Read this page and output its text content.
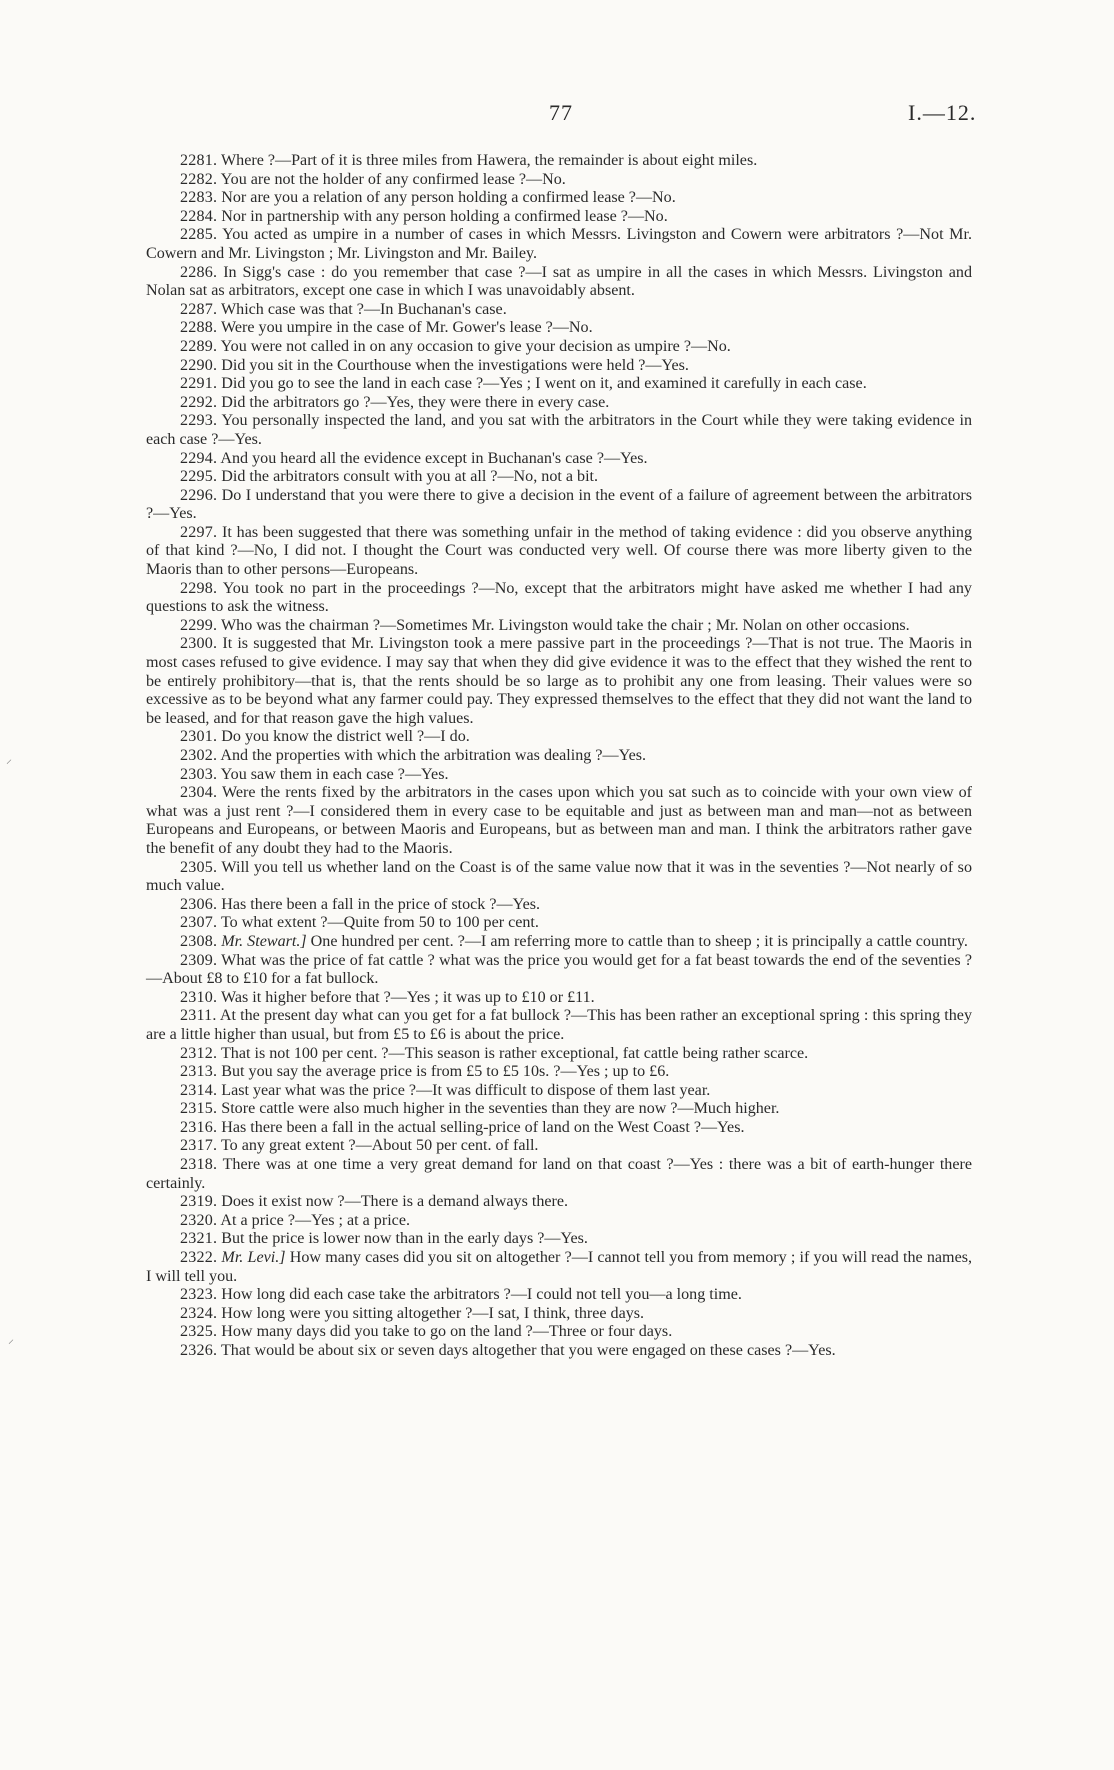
77	I.—12.

2281. Where ?—Part of it is three miles from Hawera, the remainder is about eight miles.

2282. You are not the holder of any confirmed lease ?—No.

2283. Nor are you a relation of any person holding a confirmed lease ?—No.

2284. Nor in partnership with any person holding a confirmed lease ?—No.

2285. You acted as umpire in a number of cases in which Messrs. Livingston and Cowern were arbitrators ?—Not Mr. Cowern and Mr. Livingston ; Mr. Livingston and Mr. Bailey.

2286. In Sigg's case : do you remember that case ?—I sat as umpire in all the cases in which Messrs. Livingston and Nolan sat as arbitrators, except one case in which I was unavoidably absent.

2287. Which case was that ?—In Buchanan's case.

2288. Were you umpire in the case of Mr. Gower's lease ?—No.

2289. You were not called in on any occasion to give your decision as umpire ?—No.

2290. Did you sit in the Courthouse when the investigations were held ?—Yes.

2291. Did you go to see the land in each case ?—Yes ; I went on it, and examined it carefully in each case.

2292. Did the arbitrators go ?—Yes, they were there in every case.

2293. You personally inspected the land, and you sat with the arbitrators in the Court while they were taking evidence in each case ?—Yes.

2294. And you heard all the evidence except in Buchanan's case ?—Yes.

2295. Did the arbitrators consult with you at all ?—No, not a bit.

2296. Do I understand that you were there to give a decision in the event of a failure of agreement between the arbitrators ?—Yes.

2297. It has been suggested that there was something unfair in the method of taking evidence : did you observe anything of that kind ?—No, I did not. I thought the Court was conducted very well. Of course there was more liberty given to the Maoris than to other persons—Europeans.

2298. You took no part in the proceedings ?—No, except that the arbitrators might have asked me whether I had any questions to ask the witness.

2299. Who was the chairman ?—Sometimes Mr. Livingston would take the chair ; Mr. Nolan on other occasions.

2300. It is suggested that Mr. Livingston took a mere passive part in the proceedings ?—That is not true. The Maoris in most cases refused to give evidence. I may say that when they did give evidence it was to the effect that they wished the rent to be entirely prohibitory—that is, that the rents should be so large as to prohibit any one from leasing. Their values were so excessive as to be beyond what any farmer could pay. They expressed themselves to the effect that they did not want the land to be leased, and for that reason gave the high values.

2301. Do you know the district well ?—I do.

2302. And the properties with which the arbitration was dealing ?—Yes.

2303. You saw them in each case ?—Yes.

2304. Were the rents fixed by the arbitrators in the cases upon which you sat such as to coincide with your own view of what was a just rent ?—I considered them in every case to be equitable and just as between man and man—not as between Europeans and Europeans, or between Maoris and Europeans, but as between man and man. I think the arbitrators rather gave the benefit of any doubt they had to the Maoris.

2305. Will you tell us whether land on the Coast is of the same value now that it was in the seventies ?—Not nearly of so much value.

2306. Has there been a fall in the price of stock ?—Yes.

2307. To what extent ?—Quite from 50 to 100 per cent.

2308. Mr. Stewart.] One hundred per cent. ?—I am referring more to cattle than to sheep ; it is principally a cattle country.

2309. What was the price of fat cattle ? what was the price you would get for a fat beast towards the end of the seventies ?—About £8 to £10 for a fat bullock.

2310. Was it higher before that ?—Yes ; it was up to £10 or £11.

2311. At the present day what can you get for a fat bullock ?—This has been rather an exceptional spring : this spring they are a little higher than usual, but from £5 to £6 is about the price.

2312. That is not 100 per cent. ?—This season is rather exceptional, fat cattle being rather scarce.

2313. But you say the average price is from £5 to £5 10s. ?—Yes ; up to £6.

2314. Last year what was the price ?—It was difficult to dispose of them last year.

2315. Store cattle were also much higher in the seventies than they are now ?—Much higher.

2316. Has there been a fall in the actual selling-price of land on the West Coast ?—Yes.

2317. To any great extent ?—About 50 per cent. of fall.

2318. There was at one time a very great demand for land on that coast ?—Yes : there was a bit of earth-hunger there certainly.

2319. Does it exist now ?—There is a demand always there.

2320. At a price ?—Yes ; at a price.

2321. But the price is lower now than in the early days ?—Yes.

2322. Mr. Levi.] How many cases did you sit on altogether ?—I cannot tell you from memory ; if you will read the names, I will tell you.

2323. How long did each case take the arbitrators ?—I could not tell you—a long time.

2324. How long were you sitting altogether ?—I sat, I think, three days.

2325. How many days did you take to go on the land ?—Three or four days.

2326. That would be about six or seven days altogether that you were engaged on these cases ?—Yes.

⸝
⸝
